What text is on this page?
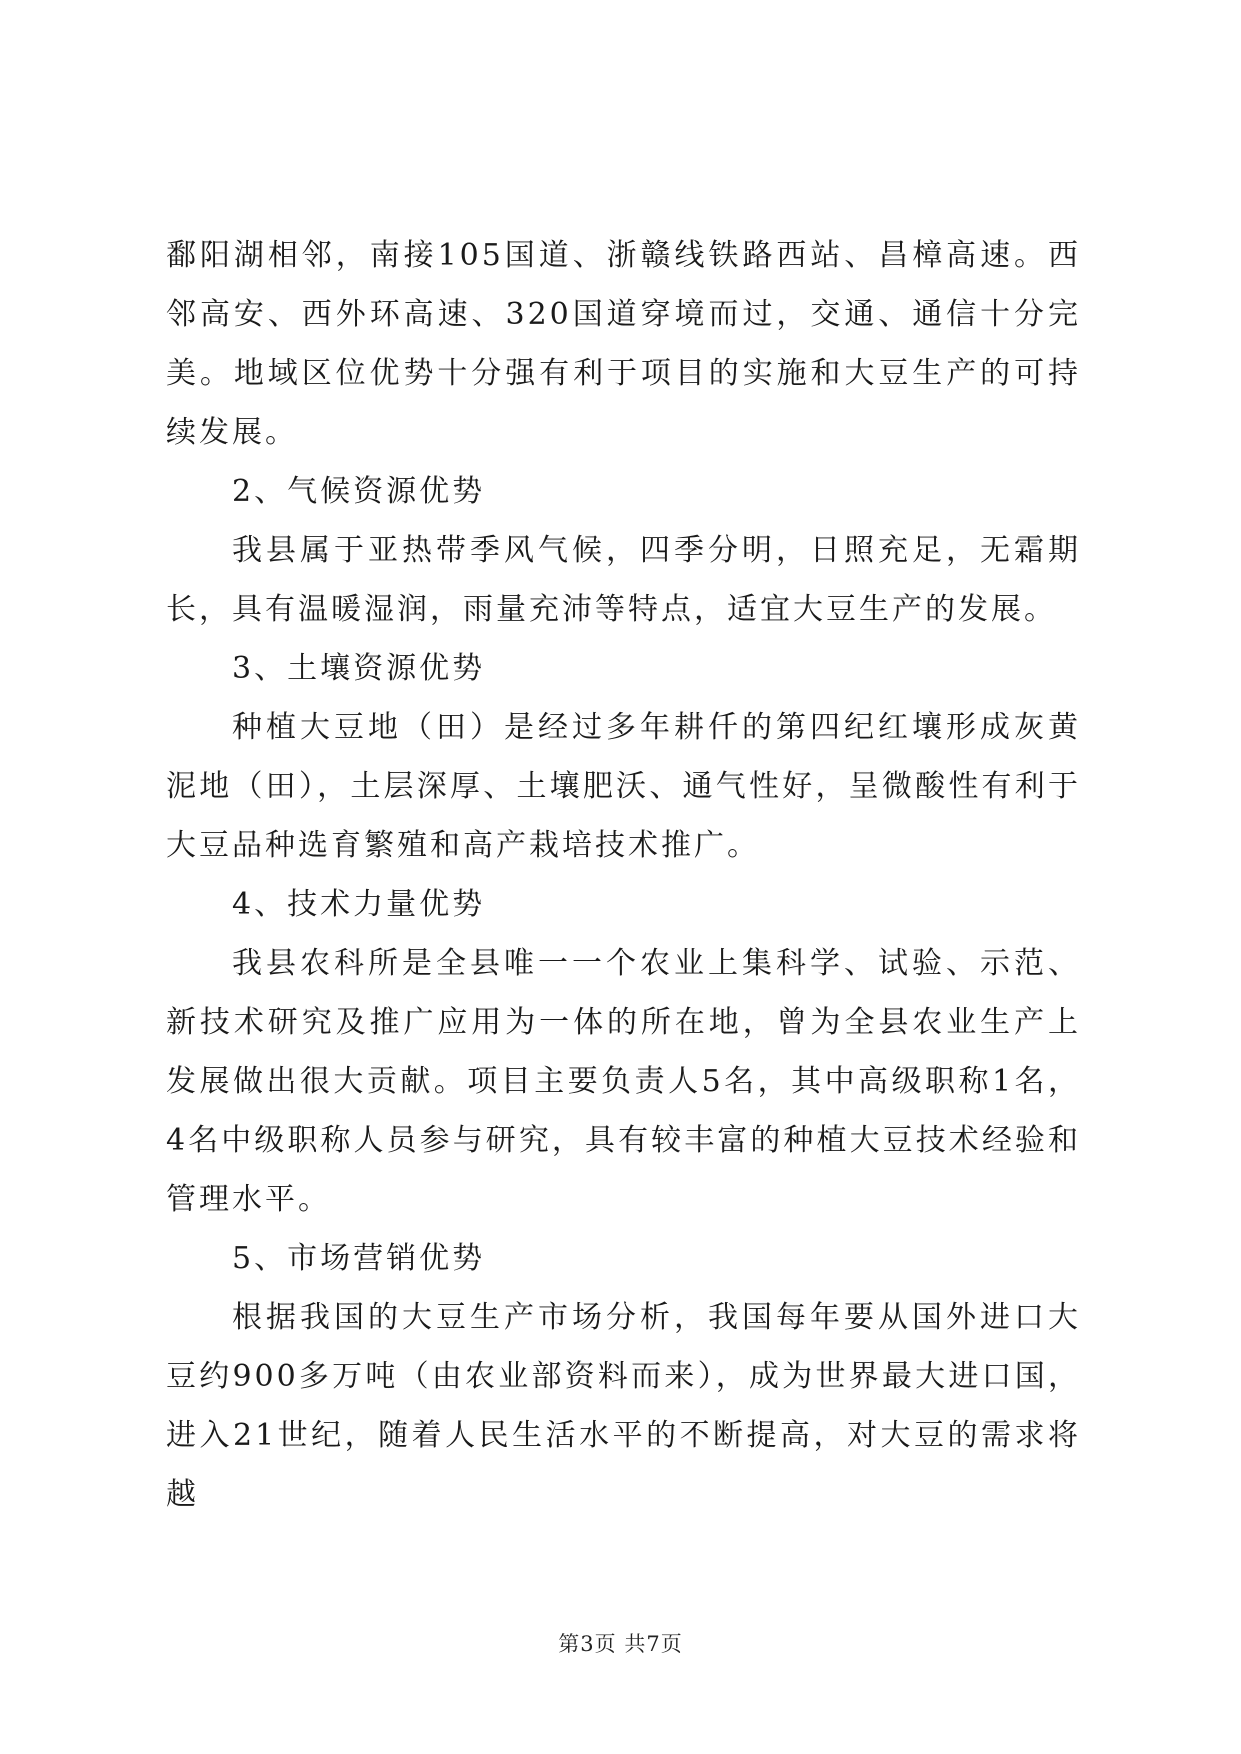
鄱阳湖相邻，南接105国道、浙赣线铁路西站、昌樟高速。西邻高安、西外环高速、320国道穿境而过，交通、通信十分完美。地域区位优势十分强有利于项目的实施和大豆生产的可持续发展。

2、气候资源优势

我县属于亚热带季风气候，四季分明，日照充足，无霜期长，具有温暖湿润，雨量充沛等特点，适宜大豆生产的发展。

3、土壤资源优势

种植大豆地（田）是经过多年耕仟的第四纪红壤形成灰黄泥地（田），土层深厚、土壤肥沃、通气性好，呈微酸性有利于大豆品种选育繁殖和高产栽培技术推广。

4、技术力量优势

我县农科所是全县唯一一个农业上集科学、试验、示范、新技术研究及推广应用为一体的所在地，曾为全县农业生产上发展做出很大贡献。项目主要负责人5名，其中高级职称1名，4名中级职称人员参与研究，具有较丰富的种植大豆技术经验和管理水平。

5、市场营销优势

根据我国的大豆生产市场分析，我国每年要从国外进口大豆约900多万吨（由农业部资料而来），成为世界最大进口国，进入21世纪，随着人民生活水平的不断提高，对大豆的需求将越

第3页 共7页
